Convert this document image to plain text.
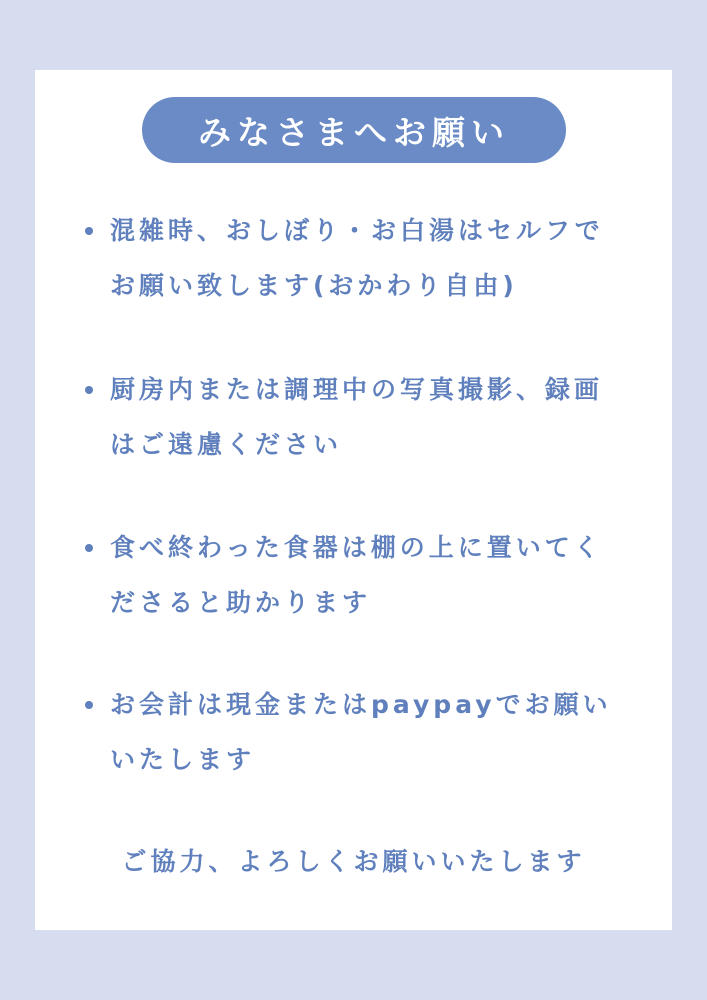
みなさまへお願い
混雑時、おしぼり・お白湯はセルフでお願い致します(おかわり自由)
厨房内または調理中の写真撮影、録画はご遠慮ください
食べ終わった食器は棚の上に置いてくださると助かります
お会計は現金またはpaypayでお願いいたします
ご協力、よろしくお願いいたします
